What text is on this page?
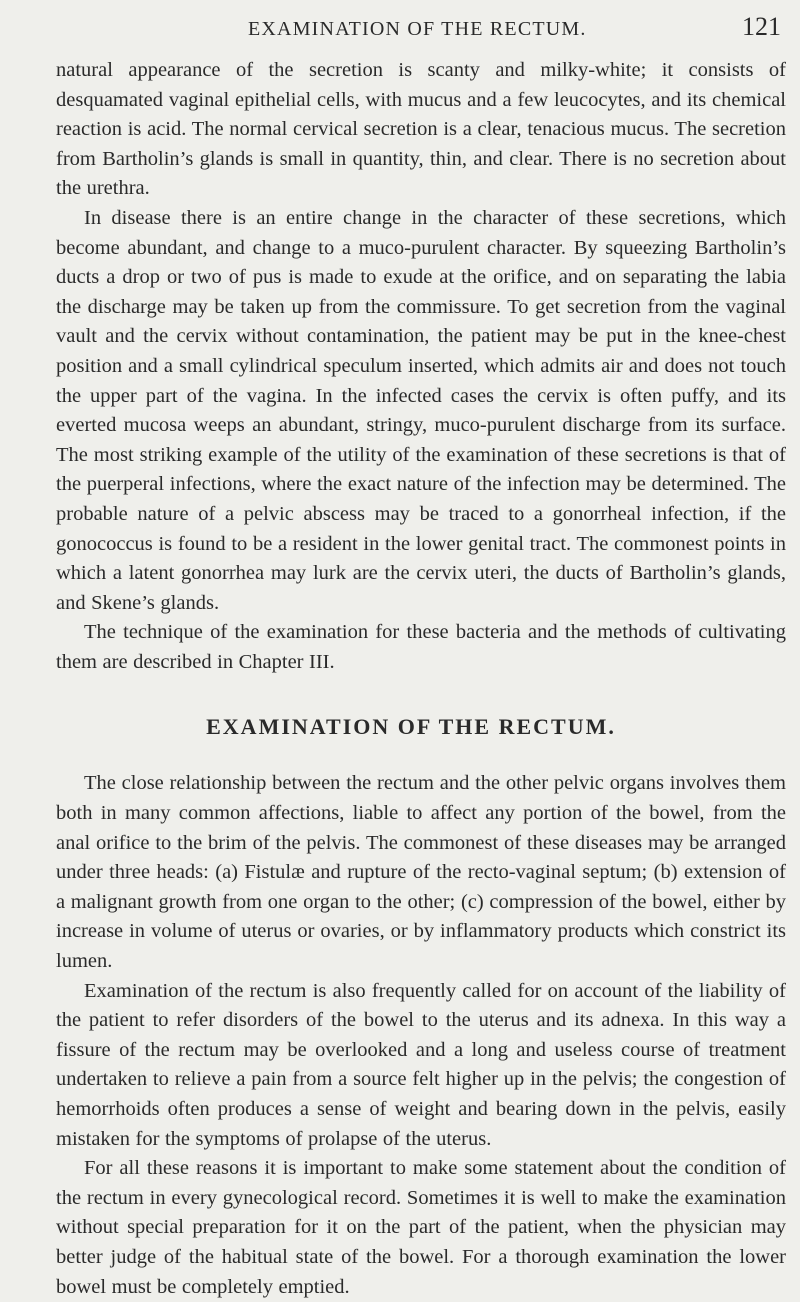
EXAMINATION OF THE RECTUM.	121

natural appearance of the secretion is scanty and milky-white; it consists of desquamated vaginal epithelial cells, with mucus and a few leucocytes, and its chemical reaction is acid. The normal cervical secretion is a clear, tenacious mucus. The secretion from Bartholin’s glands is small in quantity, thin, and clear. There is no secretion about the urethra.

In disease there is an entire change in the character of these secretions, which become abundant, and change to a muco-purulent character. By squeezing Bartholin’s ducts a drop or two of pus is made to exude at the orifice, and on separating the labia the discharge may be taken up from the commissure. To get secretion from the vaginal vault and the cervix without contamination, the patient may be put in the knee-chest position and a small cylindrical speculum inserted, which admits air and does not touch the upper part of the vagina. In the infected cases the cervix is often puffy, and its everted mucosa weeps an abundant, stringy, muco-purulent discharge from its surface. The most striking example of the utility of the examination of these secretions is that of the puerperal infections, where the exact nature of the infection may be determined. The probable nature of a pelvic abscess may be traced to a gonorrheal infection, if the gonococcus is found to be a resident in the lower genital tract. The commonest points in which a latent gonorrhea may lurk are the cervix uteri, the ducts of Bartholin’s glands, and Skene’s glands.

The technique of the examination for these bacteria and the methods of cultivating them are described in Chapter III.

EXAMINATION OF THE RECTUM.

The close relationship between the rectum and the other pelvic organs involves them both in many common affections, liable to affect any portion of the bowel, from the anal orifice to the brim of the pelvis. The commonest of these diseases may be arranged under three heads: (a) Fistulæ and rupture of the recto-vaginal septum; (b) extension of a malignant growth from one organ to the other; (c) compression of the bowel, either by increase in volume of uterus or ovaries, or by inflammatory products which constrict its lumen.

Examination of the rectum is also frequently called for on account of the liability of the patient to refer disorders of the bowel to the uterus and its adnexa. In this way a fissure of the rectum may be overlooked and a long and useless course of treatment undertaken to relieve a pain from a source felt higher up in the pelvis; the congestion of hemorrhoids often produces a sense of weight and bearing down in the pelvis, easily mistaken for the symptoms of prolapse of the uterus.

For all these reasons it is important to make some statement about the condition of the rectum in every gynecological record. Sometimes it is well to make the examination without special preparation for it on the part of the patient, when the physician may better judge of the habitual state of the bowel. For a thorough examination the lower bowel must be completely emptied.
